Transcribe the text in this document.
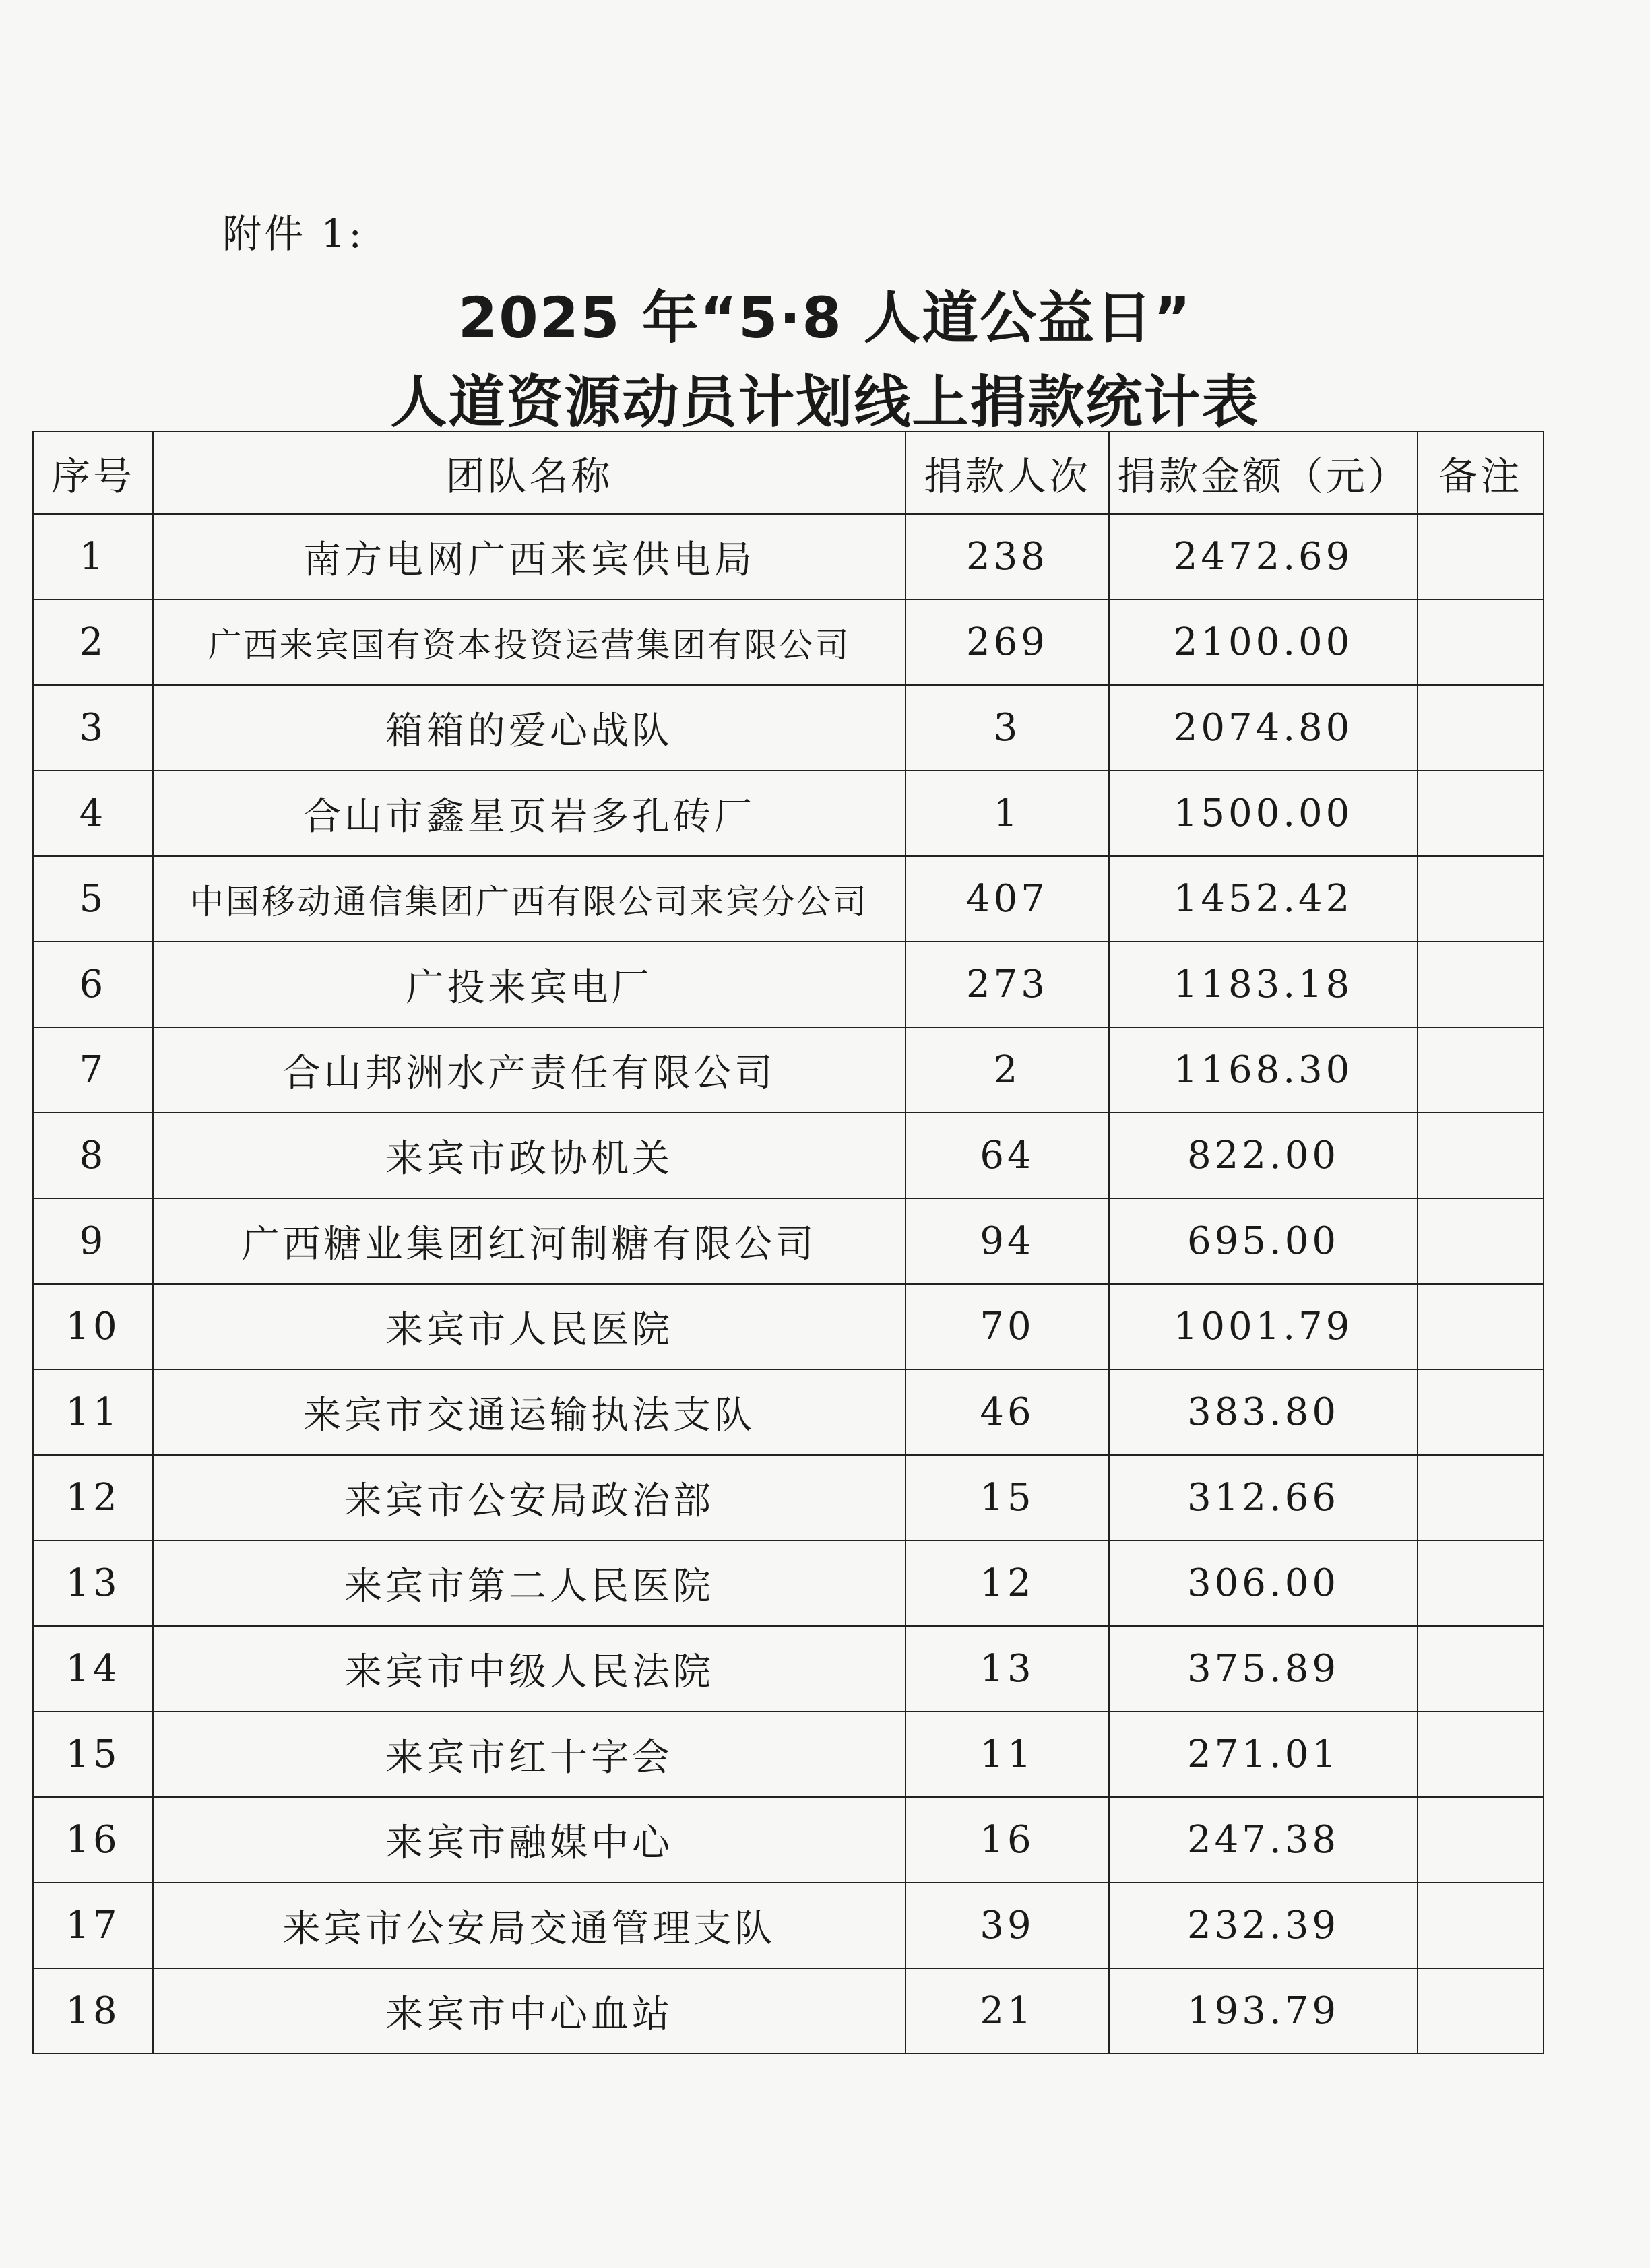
附件 1:
2025 年“5·8 人道公益日”
人道资源动员计划线上捐款统计表
序号	团队名称	捐款人次	捐款金额（元）	备注
1	南方电网广西来宾供电局	238	2472.69	
2	广西来宾国有资本投资运营集团有限公司	269	2100.00	
3	箱箱的爱心战队	3	2074.80	
4	合山市鑫星页岩多孔砖厂	1	1500.00	
5	中国移动通信集团广西有限公司来宾分公司	407	1452.42	
6	广投来宾电厂	273	1183.18	
7	合山邦洲水产责任有限公司	2	1168.30	
8	来宾市政协机关	64	822.00	
9	广西糖业集团红河制糖有限公司	94	695.00	
10	来宾市人民医院	70	1001.79	
11	来宾市交通运输执法支队	46	383.80	
12	来宾市公安局政治部	15	312.66	
13	来宾市第二人民医院	12	306.00	
14	来宾市中级人民法院	13	375.89	
15	来宾市红十字会	11	271.01	
16	来宾市融媒中心	16	247.38	
17	来宾市公安局交通管理支队	39	232.39	
18	来宾市中心血站	21	193.79	
